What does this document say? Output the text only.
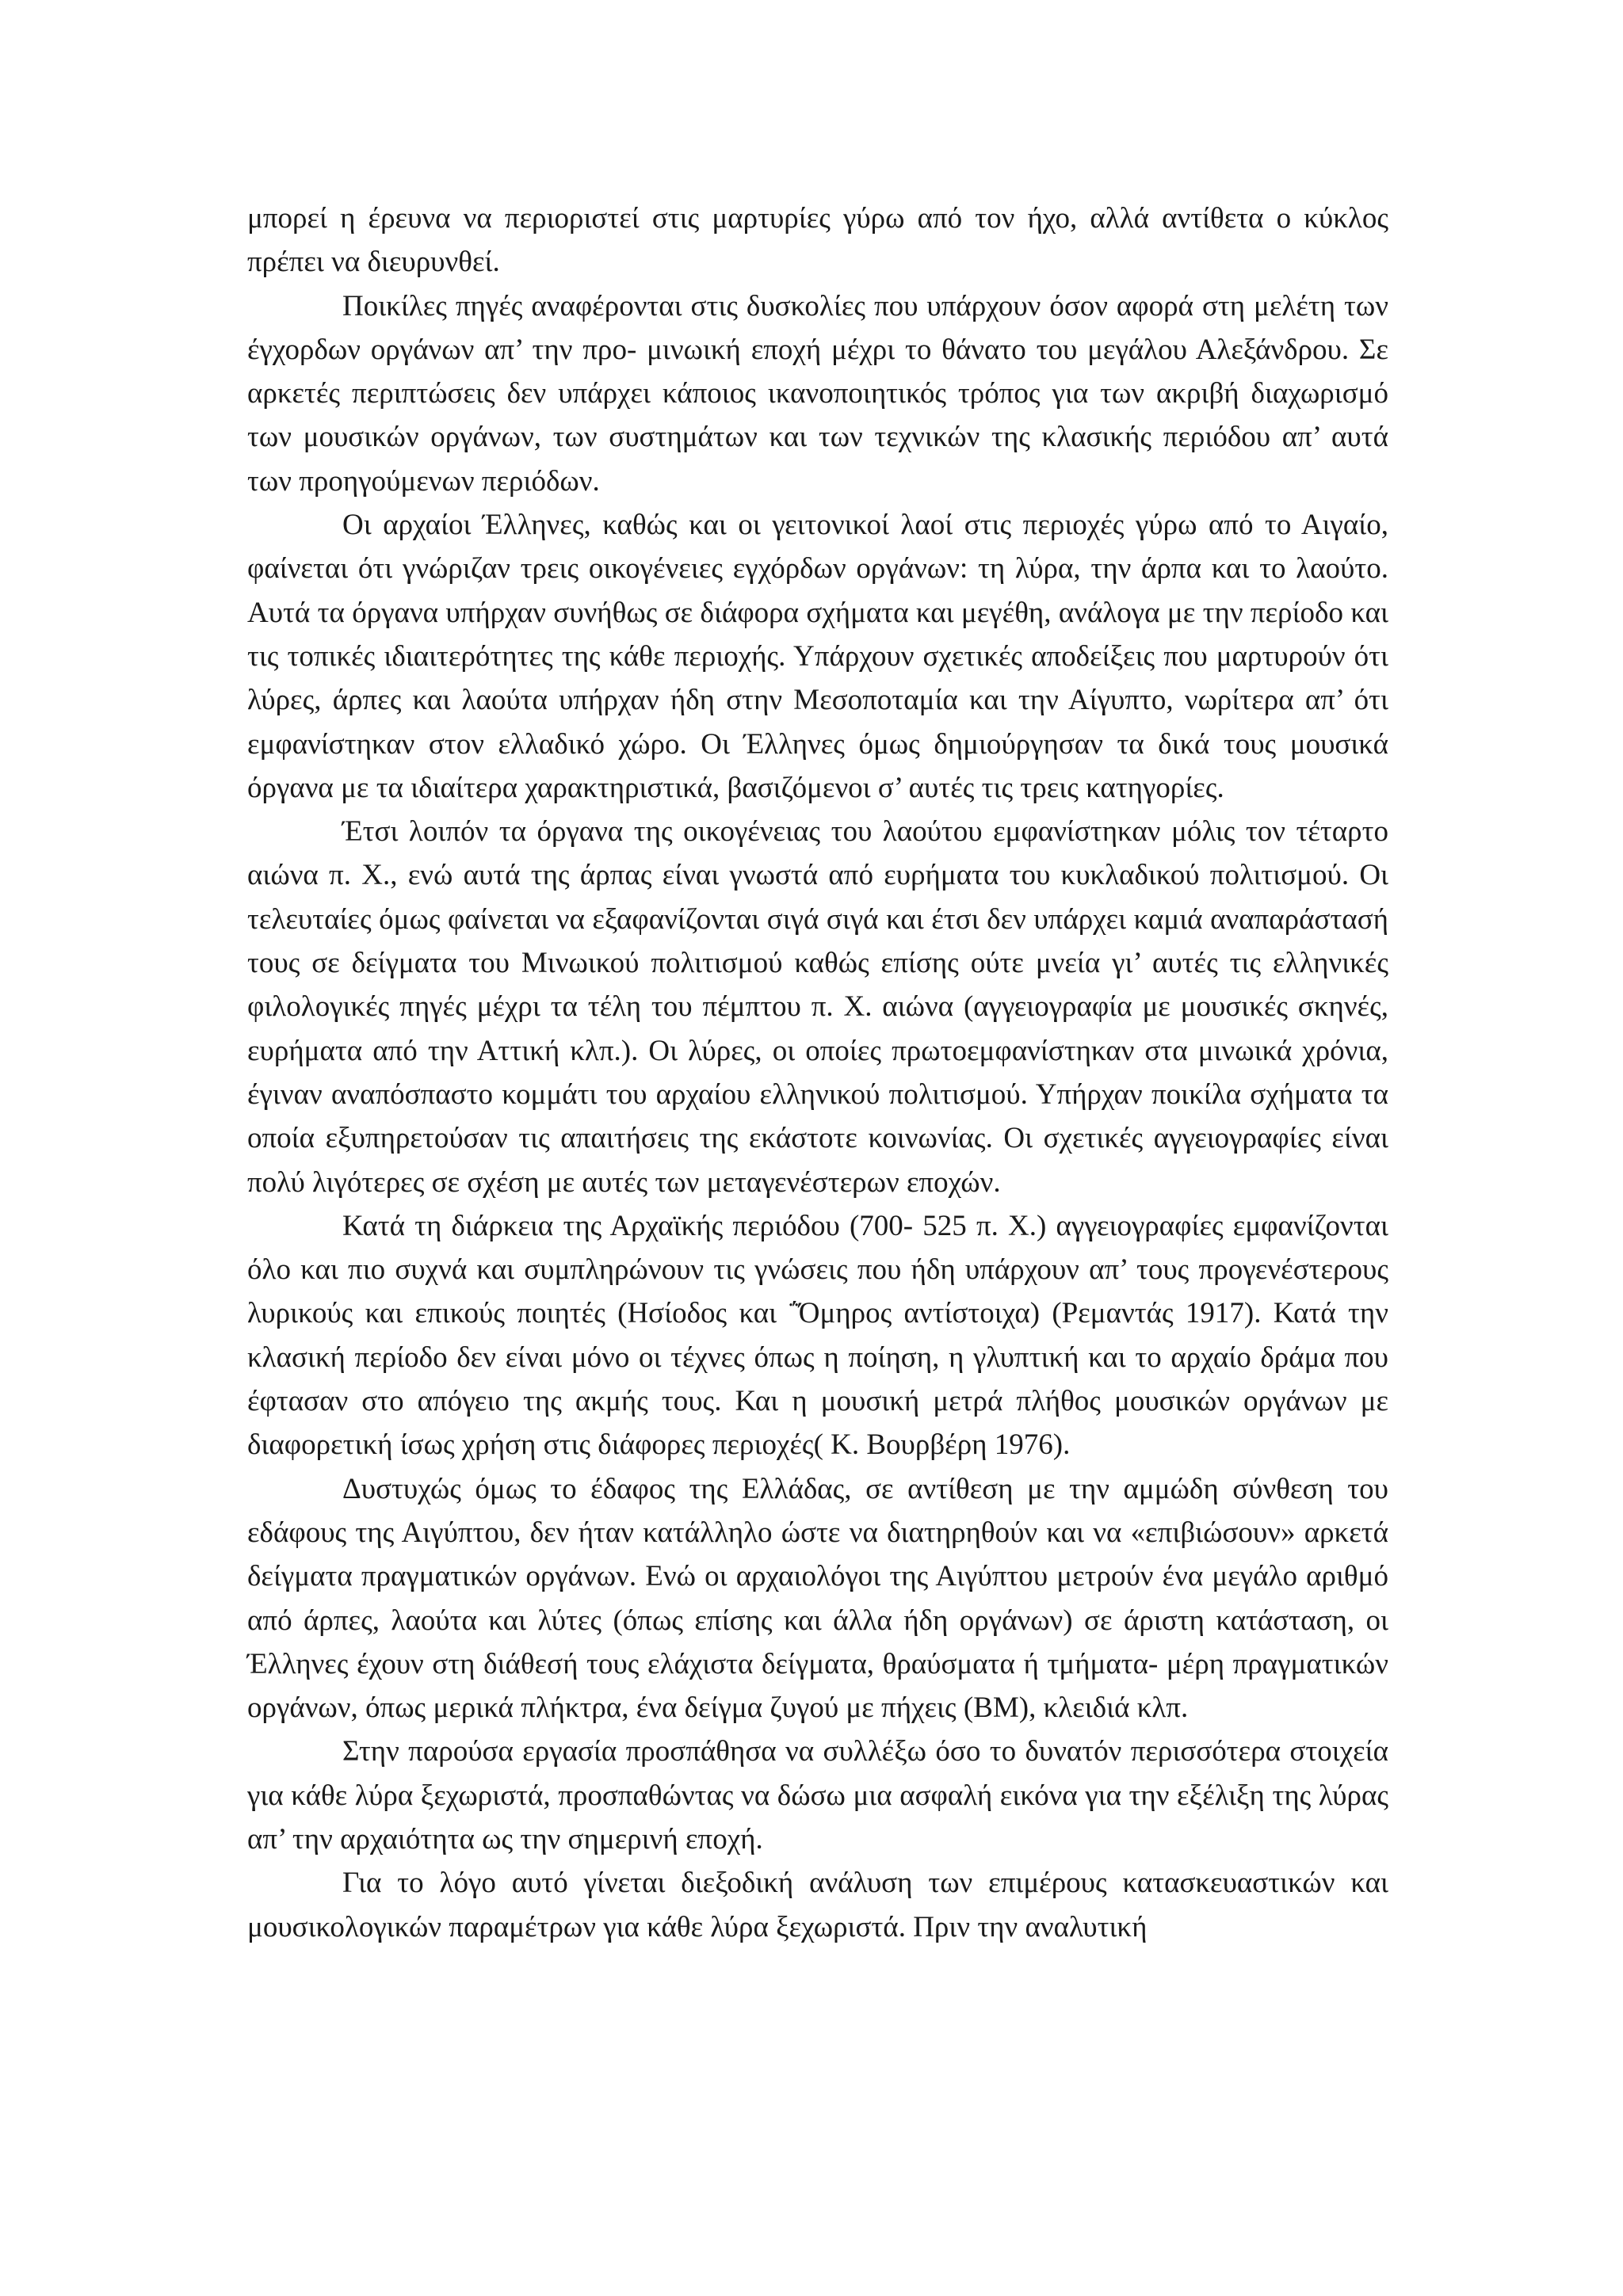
μπορεί η έρευνα να περιοριστεί στις μαρτυρίες γύρω από τον ήχο, αλλά αντίθετα ο κύκλος πρέπει να διευρυνθεί.

Ποικίλες πηγές αναφέρονται στις δυσκολίες που υπάρχουν όσον αφορά στη μελέτη των έγχορδων οργάνων απ’ την προ- μινωική εποχή μέχρι το θάνατο του μεγάλου Αλεξάνδρου. Σε αρκετές περιπτώσεις δεν υπάρχει κάποιος ικανοποιητικός τρόπος για των ακριβή διαχωρισμό των μουσικών οργάνων, των συστημάτων και των τεχνικών της κλασικής περιόδου απ’ αυτά των προηγούμενων περιόδων.

Οι αρχαίοι Έλληνες, καθώς και οι γειτονικοί λαοί στις περιοχές γύρω από το Αιγαίο, φαίνεται ότι γνώριζαν τρεις οικογένειες εγχόρδων οργάνων: τη λύρα, την άρπα και το λαούτο. Αυτά τα όργανα υπήρχαν συνήθως σε διάφορα σχήματα και μεγέθη, ανάλογα με την περίοδο και τις τοπικές ιδιαιτερότητες της κάθε περιοχής. Υπάρχουν σχετικές αποδείξεις που μαρτυρούν ότι λύρες, άρπες και λαούτα υπήρχαν ήδη στην Μεσοποταμία και την Αίγυπτο, νωρίτερα απ’ ότι εμφανίστηκαν στον ελλαδικό χώρο. Οι Έλληνες όμως δημιούργησαν τα δικά τους μουσικά όργανα με τα ιδιαίτερα χαρακτηριστικά, βασιζόμενοι σ’ αυτές τις τρεις κατηγορίες.

Έτσι λοιπόν τα όργανα της οικογένειας του λαούτου εμφανίστηκαν μόλις τον τέταρτο αιώνα π. Χ., ενώ αυτά της άρπας είναι γνωστά από ευρήματα του κυκλαδικού πολιτισμού. Οι τελευταίες όμως φαίνεται να εξαφανίζονται σιγά σιγά και έτσι δεν υπάρχει καμιά αναπαράστασή τους σε δείγματα του Μινωικού πολιτισμού καθώς επίσης ούτε μνεία γι’ αυτές τις ελληνικές φιλολογικές πηγές μέχρι τα τέλη του πέμπτου π. Χ. αιώνα (αγγειογραφία με μουσικές σκηνές, ευρήματα από την Αττική κλπ.). Οι λύρες, οι οποίες πρωτοεμφανίστηκαν στα μινωικά χρόνια, έγιναν αναπόσπαστο κομμάτι του αρχαίου ελληνικού πολιτισμού. Υπήρχαν ποικίλα σχήματα τα οποία εξυπηρετούσαν τις απαιτήσεις της εκάστοτε κοινωνίας. Οι σχετικές αγγειογραφίες είναι πολύ λιγότερες σε σχέση με αυτές των μεταγενέστερων εποχών.

Κατά τη διάρκεια της Αρχαϊκής περιόδου (700- 525 π. Χ.) αγγειογραφίες εμφανίζονται όλο και πιο συχνά και συμπληρώνουν τις γνώσεις που ήδη υπάρχουν απ’ τους προγενέστερους λυρικούς και επικούς ποιητές (Ησίοδος και ΅Όμηρος αντίστοιχα) (Ρεμαντάς 1917). Κατά την κλασική περίοδο δεν είναι μόνο οι τέχνες όπως η ποίηση, η γλυπτική και το αρχαίο δράμα που έφτασαν στο απόγειο της ακμής τους. Και η μουσική μετρά πλήθος μουσικών οργάνων με διαφορετική ίσως χρήση στις διάφορες περιοχές( Κ. Βουρβέρη 1976).

Δυστυχώς όμως το έδαφος της Ελλάδας, σε αντίθεση με την αμμώδη σύνθεση του εδάφους της Αιγύπτου, δεν ήταν κατάλληλο ώστε να διατηρηθούν και να «επιβιώσουν» αρκετά δείγματα πραγματικών οργάνων. Ενώ οι αρχαιολόγοι της Αιγύπτου μετρούν ένα μεγάλο αριθμό από άρπες, λαούτα και λύτες (όπως επίσης και άλλα ήδη οργάνων) σε άριστη κατάσταση, οι Έλληνες έχουν στη διάθεσή τους ελάχιστα δείγματα, θραύσματα ή τμήματα- μέρη πραγματικών οργάνων, όπως μερικά πλήκτρα, ένα δείγμα ζυγού με πήχεις (ΒΜ), κλειδιά κλπ.

Στην παρούσα εργασία προσπάθησα να συλλέξω όσο το δυνατόν περισσότερα στοιχεία για κάθε λύρα ξεχωριστά, προσπαθώντας να δώσω μια ασφαλή εικόνα για την εξέλιξη της λύρας απ’ την αρχαιότητα ως την σημερινή εποχή.

Για το λόγο αυτό γίνεται διεξοδική ανάλυση των επιμέρους κατασκευαστικών και μουσικολογικών παραμέτρων για κάθε λύρα ξεχωριστά. Πριν την αναλυτική
